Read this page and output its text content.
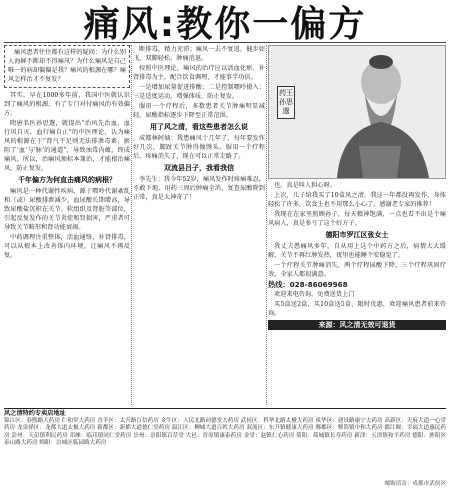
痛风:教你一偏方

痛风患者往往都有这样的疑问：为什么别人海鲜不断却不得痛风？为什么痛风是自己唯一的病却偏偏是我？痛风的根源在哪？痛风怎样治才不复发？

其实，早在1000多年前，我国中医就认识到了痛风的根源，有了专门对付痛风的有效偏方。

隋唐名医孙思邈，就提出“治风先治血，血行风自灭，血行痛自止”的中医理论，认为痛风的根源在于“肾气不足则无法排泄毒素，瘀阻了‘血’与‘脉’的通道”，导致浊毒内蕴，终成痛风。所以，治痛风须标本兼治，才能根治痛风，防止复发。

千年偏方为何直击痛风的病根？

痛风是一种代谢性疾病，源于嘌呤代谢紊乱和（或）尿酸排泄减少，血尿酸长期增高，导致尿酸盐沉积在关节、软组织及肾脏等部位，引起反复发作的关节炎症和肾损害，严重者可导致关节畸形和肾功能衰竭。

中药调理注重整体，活血通络，补肾排毒，可以从根本上改善体内环境，让痛风不再反复。

断排毒，精力充沛；痛风一去不复返，健步如飞，双脚轻松，肿痛消退。

按照中医理论，痛风的治疗应以活血化瘀、补肾排毒为主，配合饮食调理，才能事半功倍。

一是增加尿量促进排酸；二是控制嘌呤摄入；三是适度运动，增强体质，防止复发。

服用一个疗程后，多数患者关节肿痛明显减轻，尿酸指标逐步下降至正常范围。

用了风之清，看这些患者怎么说

成都林阿姨：我患痛风十几年了，每年要发作好几次，脚趾关节肿得像馒头。服用一个疗程后，疼痛消失了，现在可以正常走路了。

双流县吕子，我看我信

李先生：我今年52岁，痛风发作时疼痛难忍，不敢下地。用药三周后肿痛全消，复查尿酸降到正常，真是太神奇了！

药王孙思邈

也。真是叫人担心呀。

上次，儿子给我买了10盒风之清，我这一年都没再发作，身体轻松了许多，饮食上也不用那么小心了，感谢老专家的推荐！

我现在在家里照顾孙子，每天精神饱满，一点也看不出是个痛风病人，真是多亏了这个好方子。

德阳市罗江区张女士

我丈夫患痛风多年，自从用上这个中药方之后，病情大大缓解，关节不再红肿发热，夜里也能睡个安稳觉了。

一个疗程关节肿痛消失，两个疗程尿酸下降，三个疗程巩固疗效，全家人都很满意。

热线：028-86069968

欢迎来电咨询，免费送货上门

买5盒送2盒，买10盒送5盒，限时优惠，欢迎痛风患者前来咨询。

来源：风之清无效可退货
风之清特约专卖店地址
锦江区：春熙路大药房 仁和堂大药房 青羊区：太升路百信药房 金牛区：人民北路同德堂大药房 武侯区：科华北路太极大药房 成华区：建设路康宁大药房 高新区：天府大道一心堂药房 龙泉驿区：龙都大道太极大药房 新都区：新都大道德仁堂药房 温江区：柳城大道百姓大药房 双流区：东升镇健康大药房 郫都区：郫筒镇中和大药房 都江堰：幸福大道惠民药房 彭州：天彭镇利民药房 邛崃：临邛镇同仁堂药房 崇州：崇阳镇百草堂 大邑：晋原镇康泰药房 金堂：赵镇仁心药房 简阳：简城镇长寿药房 新津：五津镇和平药房 德阳：旌阳区泰山路大药房 绵阳：涪城区临园路大药房
邮购请寄：成都市武侯区
